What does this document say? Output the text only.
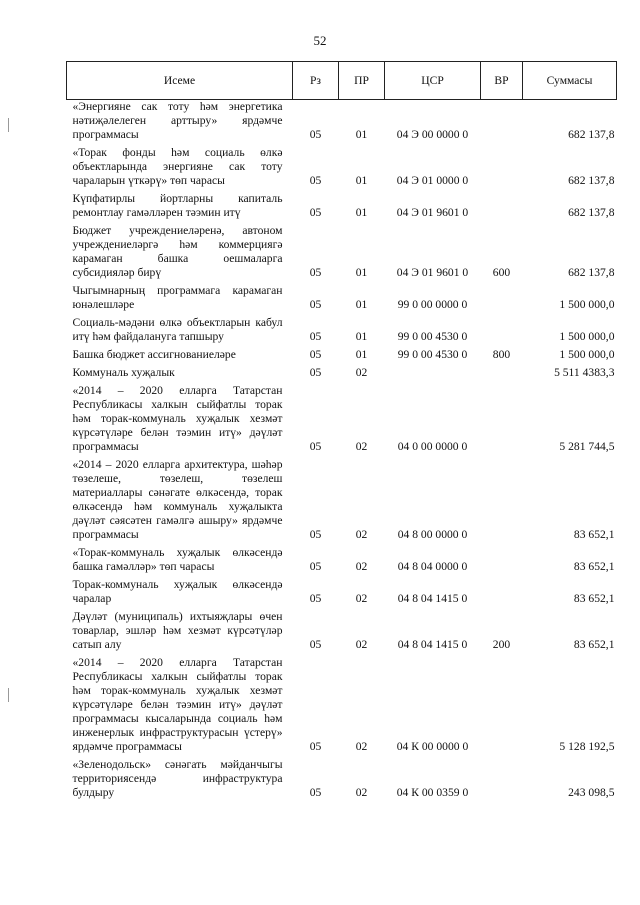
52
Исеме	Рз	ПР	ЦСР	ВР	Суммасы
«Энергияне сак тоту һәм энергетика нәтиҗәлелеген арттыру» ярдәмче программасы	05	01	04 Э 00 0000 0		682 137,8
«Торак фонды һәм социаль өлкә объектларында энергияне сак тоту чараларын үткәрү» төп чарасы	05	01	04 Э 01 0000 0		682 137,8
Күпфатирлы йортларны капиталь ремонтлау гамәлләрен тәэмин итү	05	01	04 Э 01 9601 0		682 137,8
Бюджет учреждениеләренә, автоном учреждениеләргә һәм коммерциягә карамаган башка оешмаларга субсидияләр бирү	05	01	04 Э 01 9601 0	600	682 137,8
Чыгымнарның программага карамаган юнәлешләре	05	01	99 0 00 0000 0		1 500 000,0
Социаль-мәдәни өлкә объектларын кабул итү һәм файдалануга тапшыру	05	01	99 0 00 4530 0		1 500 000,0
Башка бюджет ассигнованиеләре	05	01	99 0 00 4530 0	800	1 500 000,0
Коммуналь хуҗалык	05	02			5 511 4383,3
«2014 – 2020 елларга Татарстан Республикасы халкын сыйфатлы торак һәм торак-коммуналь хуҗалык хезмәт күрсәтүләре белән тәэмин итү» дәүләт программасы	05	02	04 0 00 0000 0		5 281 744,5
«2014 – 2020 елларга архитектура, шәһәр төзелеше, төзелеш, төзелеш материаллары сәнәгате өлкәсендә, торак өлкәсендә һәм коммуналь хуҗалыкта дәүләт сәясәтен гамәлгә ашыру» ярдәмче программасы	05	02	04 8 00 0000 0		83 652,1
«Торак-коммуналь хуҗалык өлкәсендә башка гамәлләр» төп чарасы	05	02	04 8 04 0000 0		83 652,1
Торак-коммуналь хуҗалык өлкәсендә чаралар	05	02	04 8 04 1415 0		83 652,1
Дәүләт (муниципаль) ихтыяҗлары өчен товарлар, эшләр һәм хезмәт күрсәтүләр сатып алу	05	02	04 8 04 1415 0	200	83 652,1
«2014 – 2020 елларга Татарстан Республикасы халкын сыйфатлы торак һәм торак-коммуналь хуҗалык хезмәт күрсәтүләре белән тәэмин итү» дәүләт программасы кысаларында социаль һәм инженерлык инфраструктурасын үстерү» ярдәмче программасы	05	02	04 К 00 0000 0		5 128 192,5
«Зеленодольск» сәнәгать мәйданчыгы территориясендә инфраструктура булдыру	05	02	04 К 00 0359 0		243 098,5
